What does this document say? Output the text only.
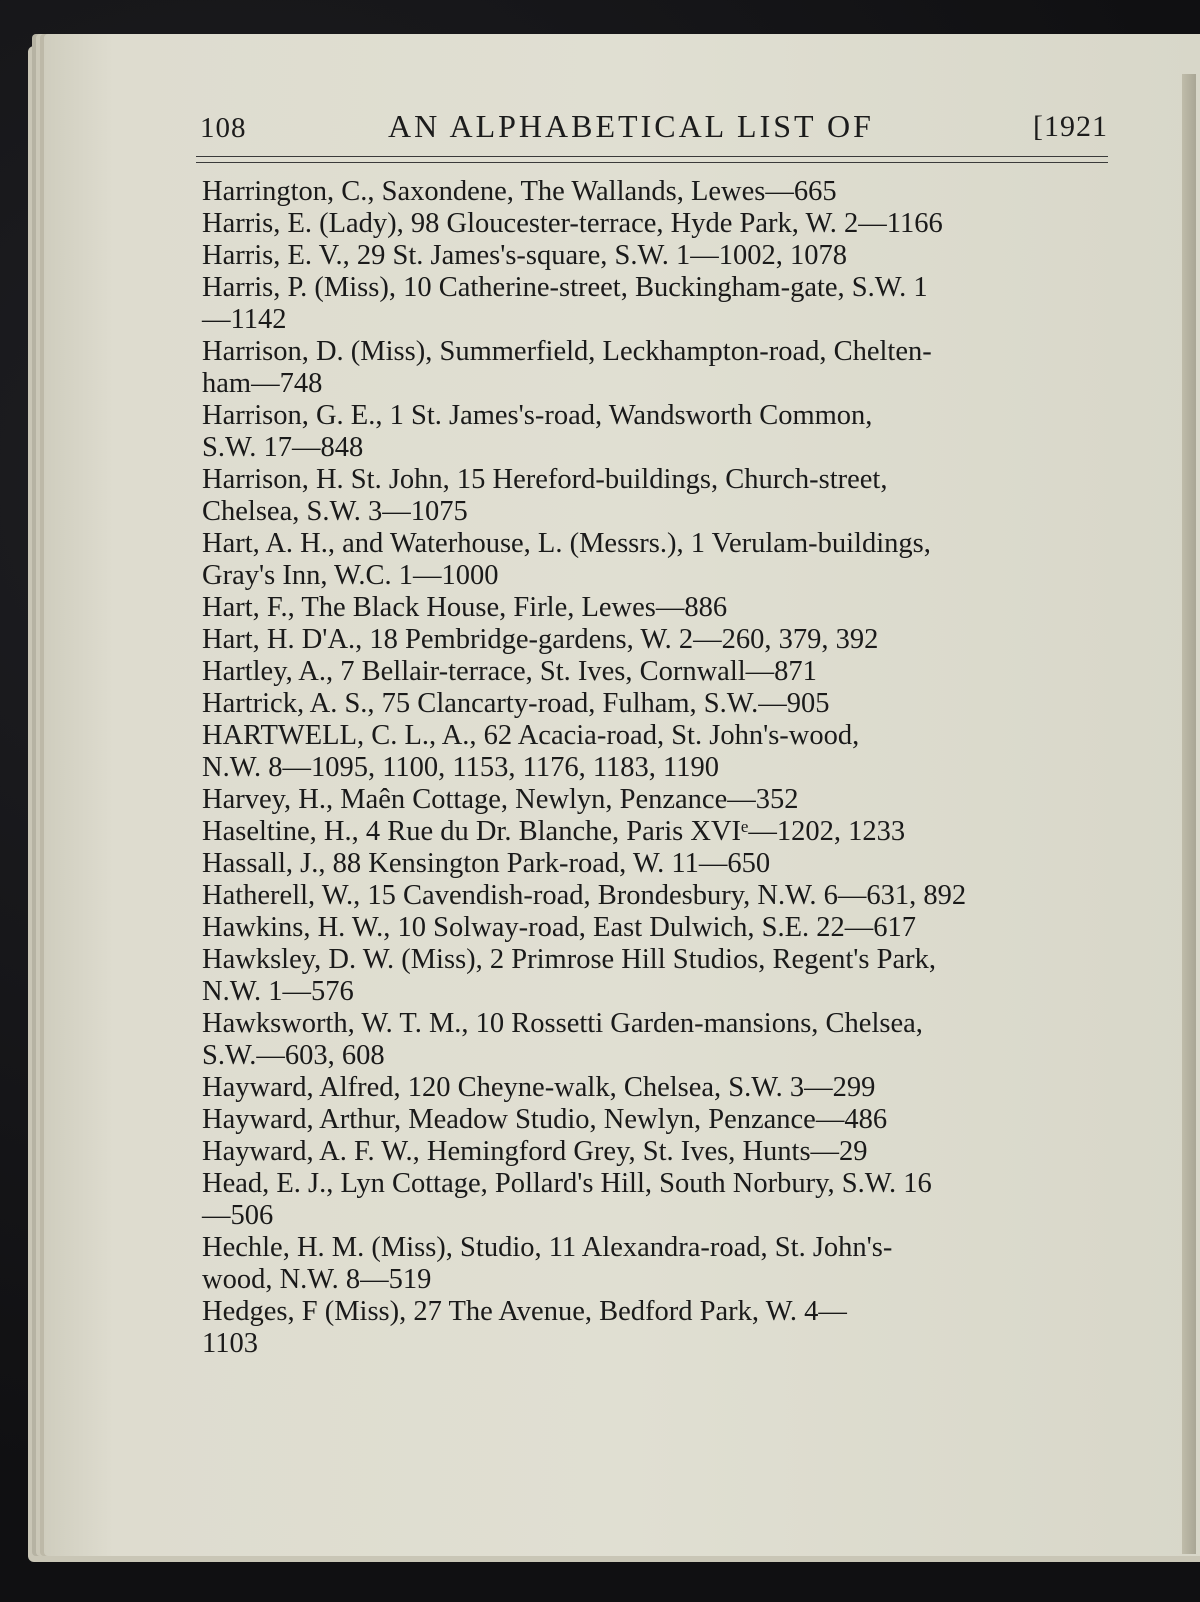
108	AN ALPHABETICAL LIST OF	[1921
Harrington, C., Saxondene, The Wallands, Lewes—665
Harris, E. (Lady), 98 Gloucester-terrace, Hyde Park, W. 2—1166
Harris, E. V., 29 St. James's-square, S.W. 1—1002, 1078
Harris, P. (Miss), 10 Catherine-street, Buckingham-gate, S.W. 1
—1142
Harrison, D. (Miss), Summerfield, Leckhampton-road, Chelten-
ham—748
Harrison, G. E., 1 St. James's-road, Wandsworth Common,
S.W. 17—848
Harrison, H. St. John, 15 Hereford-buildings, Church-street,
Chelsea, S.W. 3—1075
Hart, A. H., and Waterhouse, L. (Messrs.), 1 Verulam-buildings,
Gray's Inn, W.C. 1—1000
Hart, F., The Black House, Firle, Lewes—886
Hart, H. D'A., 18 Pembridge-gardens, W. 2—260, 379, 392
Hartley, A., 7 Bellair-terrace, St. Ives, Cornwall—871
Hartrick, A. S., 75 Clancarty-road, Fulham, S.W.—905
HARTWELL, C. L., A., 62 Acacia-road, St. John's-wood,
N.W. 8—1095, 1100, 1153, 1176, 1183, 1190
Harvey, H., Maên Cottage, Newlyn, Penzance—352
Haseltine, H., 4 Rue du Dr. Blanche, Paris XVIᵉ—1202, 1233
Hassall, J., 88 Kensington Park-road, W. 11—650
Hatherell, W., 15 Cavendish-road, Brondesbury, N.W. 6—631, 892
Hawkins, H. W., 10 Solway-road, East Dulwich, S.E. 22—617
Hawksley, D. W. (Miss), 2 Primrose Hill Studios, Regent's Park,
N.W. 1—576
Hawksworth, W. T. M., 10 Rossetti Garden-mansions, Chelsea,
S.W.—603, 608
Hayward, Alfred, 120 Cheyne-walk, Chelsea, S.W. 3—299
Hayward, Arthur, Meadow Studio, Newlyn, Penzance—486
Hayward, A. F. W., Hemingford Grey, St. Ives, Hunts—29
Head, E. J., Lyn Cottage, Pollard's Hill, South Norbury, S.W. 16
—506
Hechle, H. M. (Miss), Studio, 11 Alexandra-road, St. John's-
wood, N.W. 8—519
Hedges, F (Miss), 27 The Avenue, Bedford Park, W. 4—
1103
